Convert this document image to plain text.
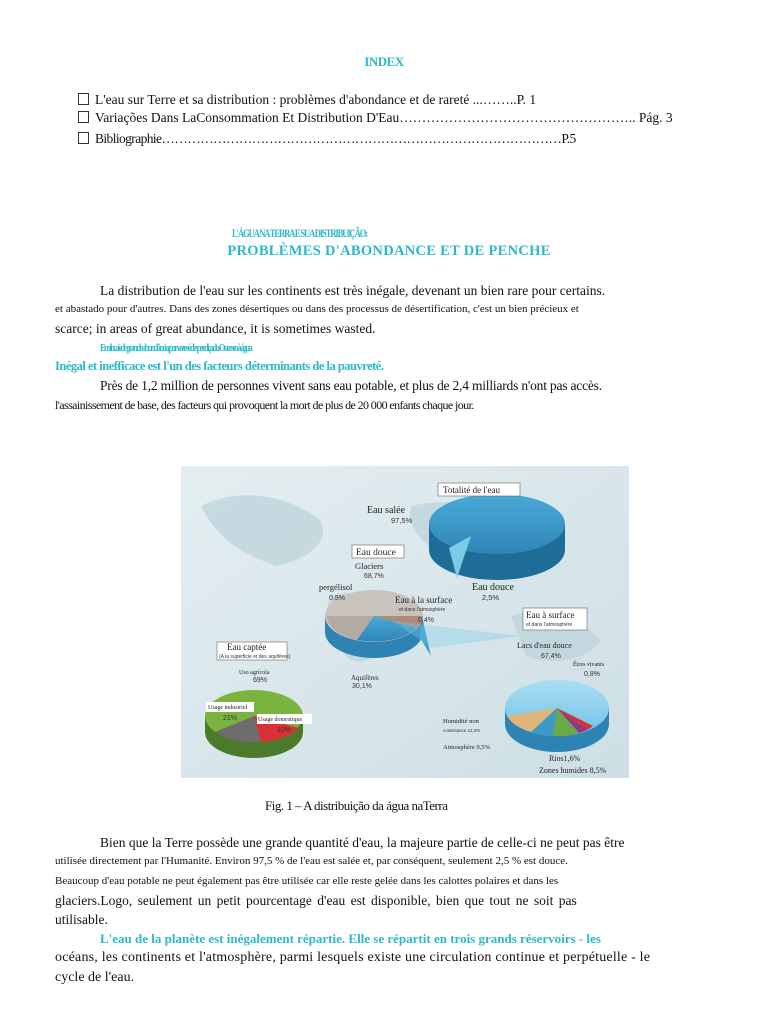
INDEX
L'eau sur Terre et sa distribution : problèmes d'abondance et de rareté ...……..P. 1
Variações Dans LaConsommation Et Distribution D'Eau…………………………………………….. Pág. 3
Bibliographie…………………………………………………………………………………P.5
L'ÁGUA NA TERRA E SUA DISTRIBUIÇÃO:
PROBLÈMES D'ABONDANCE ET DE PENCHE
La distribution de l'eau sur les continents est très inégale, devenant un bien rare pour certains.
et abastado pour d'autres. Dans des zones désertiques ou dans des processus de désertification, c'est un bien précieux et
scarce; in areas of great abundance, it is sometimes wasted.
Em locais de grande abundância, por vezes é desperdiçado. O acesso à água
Inégal et inefficace est l'un des facteurs déterminants de la pauvreté.
Près de 1,2 million de personnes vivent sans eau potable, et plus de 2,4 milliards n'ont pas accès.
l'assainissement de base, des facteurs qui provoquent la mort de plus de 20 000 enfants chaque jour.
Totalité de l'eau
Eau salée
97,5%
Eau douce
2,5%
Eau douce
Glaciers
68,7%
pergélisol
0,8%	Eau à la surface
et dans l'atmosphère
0,4%
Aquifères
30,1%
Eau captée
(A la superficie et des aquifères)
Uso agrícola
69%
Usage industriel
21%	Usage domestique
10%
Eau à surface
et dans l'atmosphère
Lacs d'eau douce
67,4%
Êtres vivants
0,8%
Humidité non
contenance 12,2%
Atmosphère 9,5%
Rios1,6%
Zones humides 8,5%
Fig. 1 – A distribuição da água naTerra
Bien que la Terre possède une grande quantité d'eau, la majeure partie de celle-ci ne peut pas être
utilisée directement par l'Humanité. Environ 97,5 % de l'eau est salée et, par conséquent, seulement 2,5 % est douce.
Beaucoup d'eau potable ne peut également pas être utilisée car elle reste gelée dans les calottes polaires et dans les
glaciers.Logo, seulement un petit pourcentage d'eau est disponible, bien que tout ne soit pas
utilisable.
L'eau de la planète est inégalement répartie. Elle se répartit en trois grands réservoirs - les
océans, les continents et l'atmosphère, parmi lesquels existe une circulation continue et perpétuelle - le
cycle de l'eau.
